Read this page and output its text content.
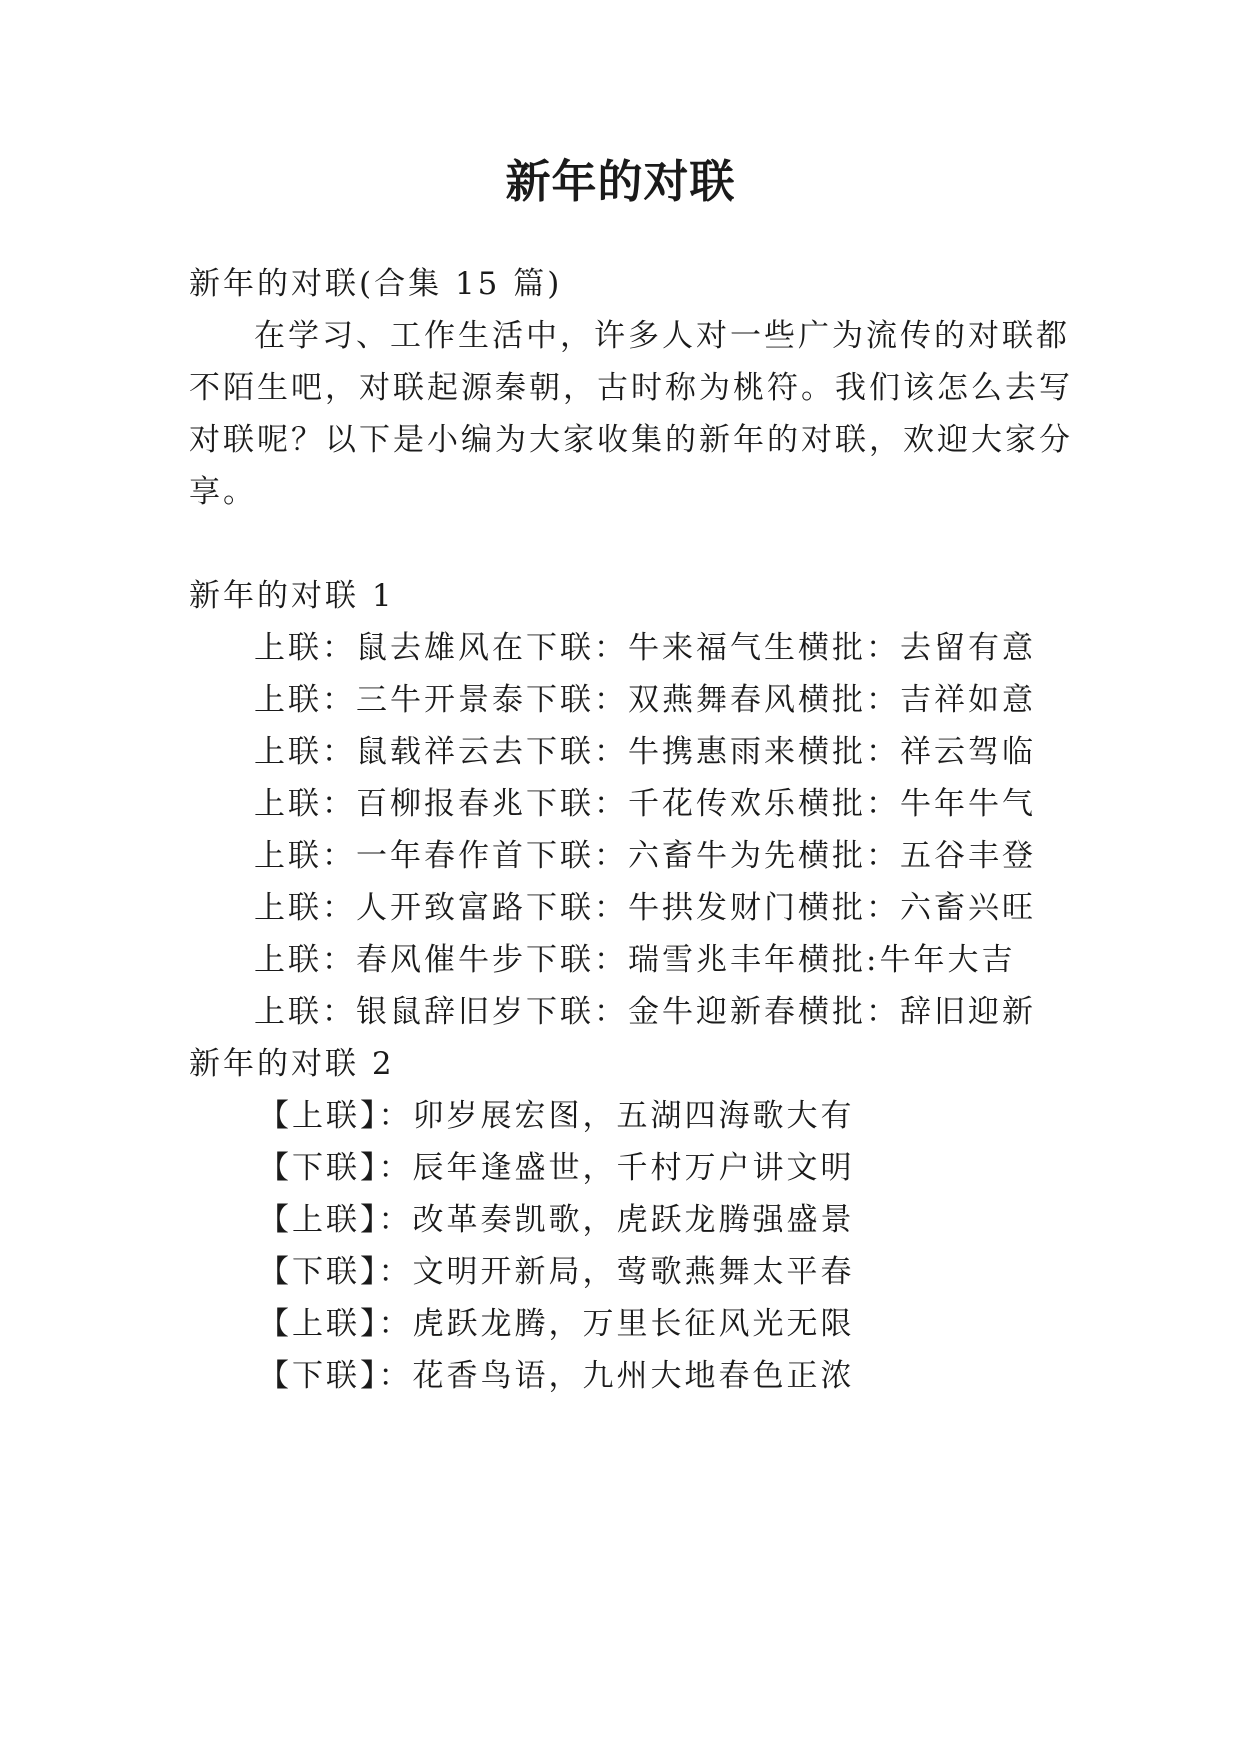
新年的对联
新年的对联(合集 15 篇)
在学习、工作生活中，许多人对一些广为流传的对联都
不陌生吧，对联起源秦朝，古时称为桃符。我们该怎么去写
对联呢？以下是小编为大家收集的新年的对联，欢迎大家分
享。
新年的对联 1
上联：鼠去雄风在下联：牛来福气生横批：去留有意
上联：三牛开景泰下联：双燕舞春风横批：吉祥如意
上联：鼠载祥云去下联：牛携惠雨来横批：祥云驾临
上联：百柳报春兆下联：千花传欢乐横批：牛年牛气
上联：一年春作首下联：六畜牛为先横批：五谷丰登
上联：人开致富路下联：牛拱发财门横批：六畜兴旺
上联：春风催牛步下联：瑞雪兆丰年横批:牛年大吉
上联：银鼠辞旧岁下联：金牛迎新春横批：辞旧迎新
新年的对联 2
【上联】：卯岁展宏图，五湖四海歌大有
【下联】：辰年逢盛世，千村万户讲文明
【上联】：改革奏凯歌，虎跃龙腾强盛景
【下联】：文明开新局，莺歌燕舞太平春
【上联】：虎跃龙腾，万里长征风光无限
【下联】：花香鸟语，九州大地春色正浓
